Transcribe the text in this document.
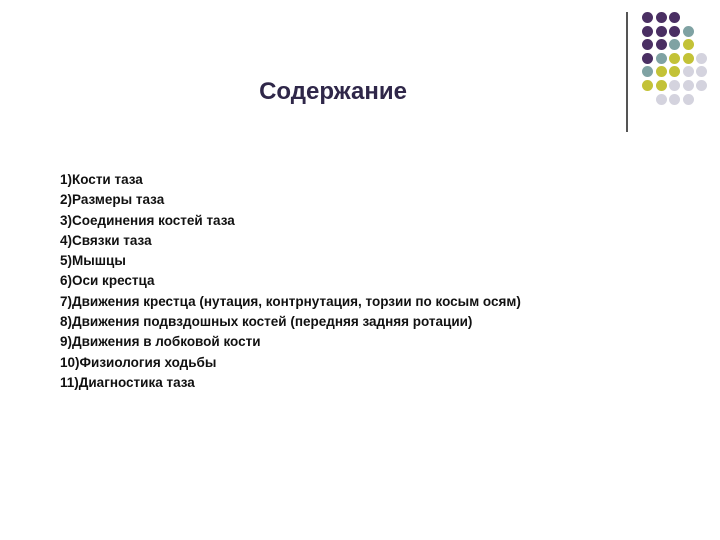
Содержание
1)Кости таза
2)Размеры таза
3)Соединения костей таза
4)Связки таза
5)Мышцы
6)Оси крестца
7)Движения крестца (нутация, контрнутация, торзии по косым осям)
8)Движения подвздошных костей (передняя задняя ротации)
9)Движения в лобковой кости
10)Физиология ходьбы
11)Диагностика таза
